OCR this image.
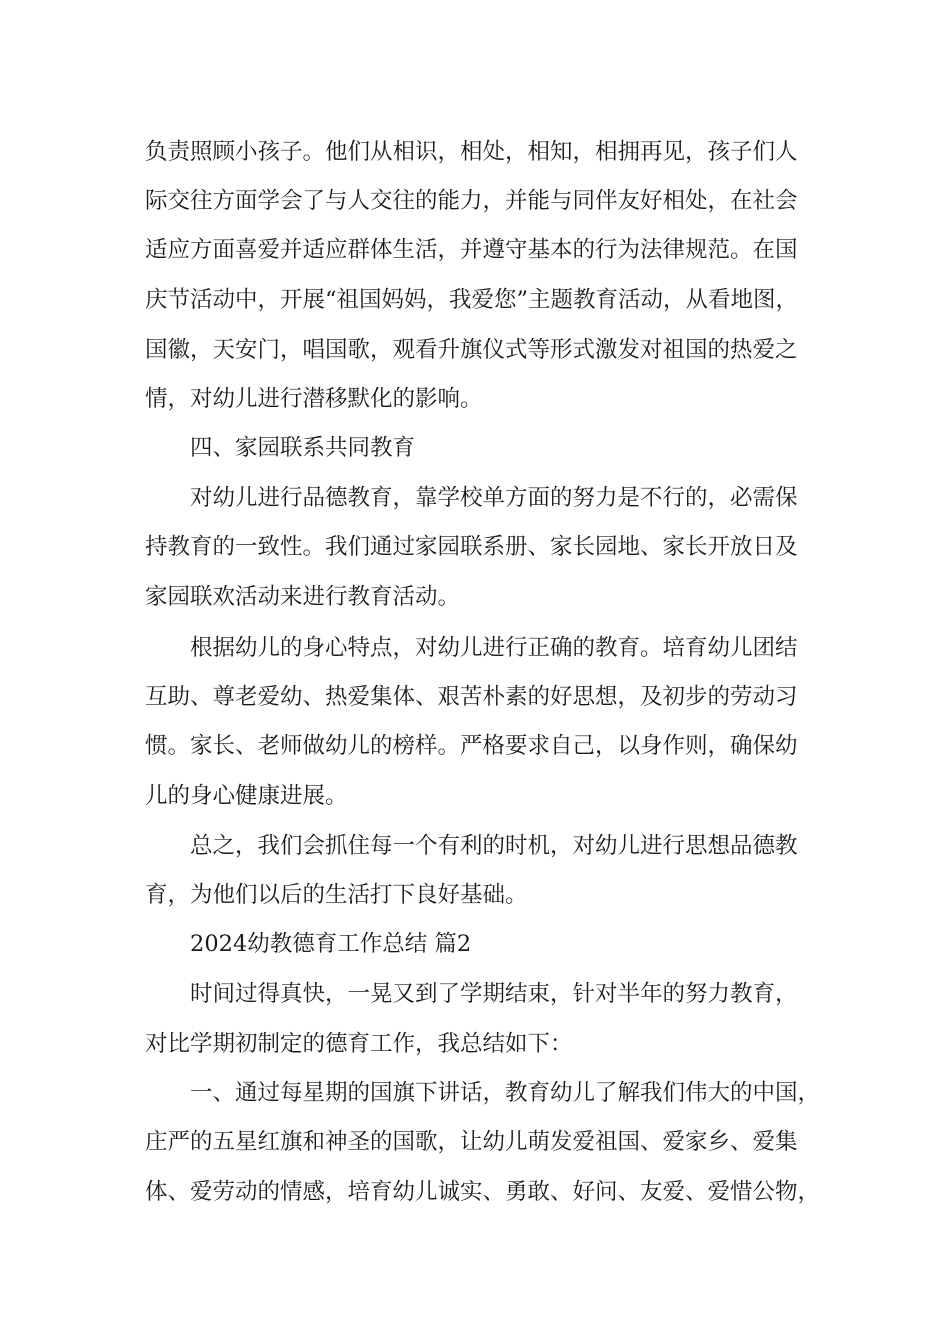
负责照顾小孩子。他们从相识，相处，相知，相拥再见，孩子们人

际交往方面学会了与人交往的能力，并能与同伴友好相处，在社会

适应方面喜爱并适应群体生活，并遵守基本的行为法律规范。在国

庆节活动中，开展“祖国妈妈，我爱您”主题教育活动，从看地图，

国徽，天安门，唱国歌，观看升旗仪式等形式激发对祖国的热爱之

情，对幼儿进行潜移默化的影响。

四、家园联系共同教育

对幼儿进行品德教育，靠学校单方面的努力是不行的，必需保

持教育的一致性。我们通过家园联系册、家长园地、家长开放日及

家园联欢活动来进行教育活动。

根据幼儿的身心特点，对幼儿进行正确的教育。培育幼儿团结

互助、尊老爱幼、热爱集体、艰苦朴素的好思想，及初步的劳动习

惯。家长、老师做幼儿的榜样。严格要求自己，以身作则，确保幼

儿的身心健康进展。

总之，我们会抓住每一个有利的时机，对幼儿进行思想品德教

育，为他们以后的生活打下良好基础。

2024幼教德育工作总结 篇2

时间过得真快，一晃又到了学期结束，针对半年的努力教育，

对比学期初制定的德育工作，我总结如下：

一、通过每星期的国旗下讲话，教育幼儿了解我们伟大的中国，

庄严的五星红旗和神圣的国歌，让幼儿萌发爱祖国、爱家乡、爱集

体、爱劳动的情感，培育幼儿诚实、勇敢、好问、友爱、爱惜公物，
